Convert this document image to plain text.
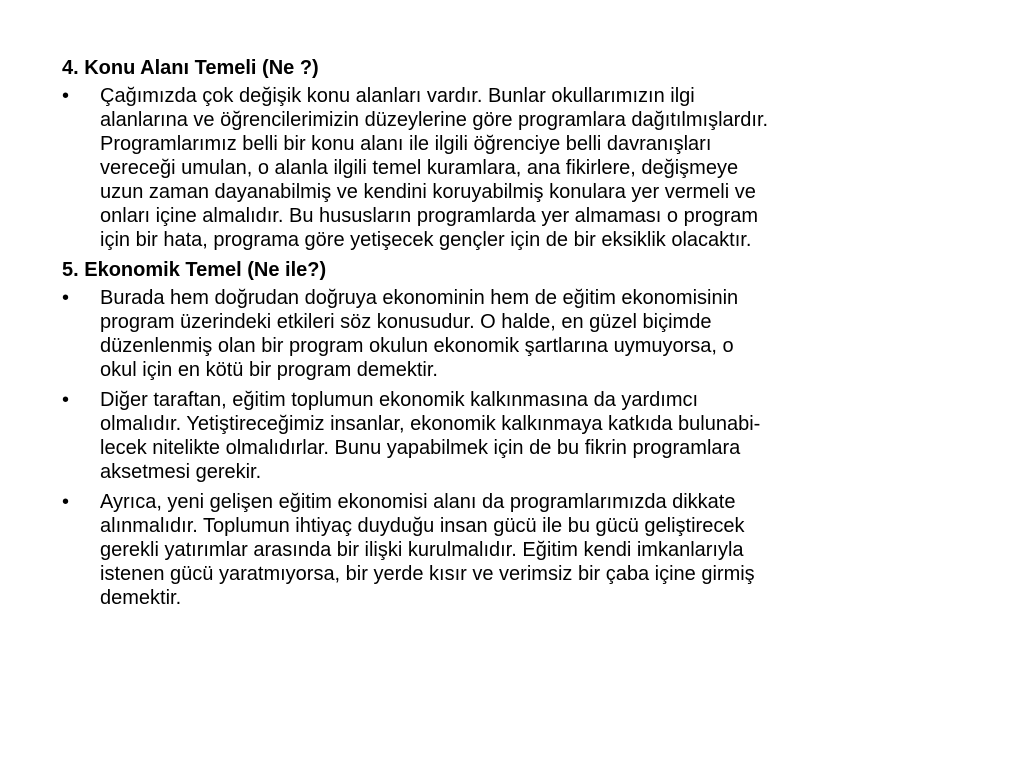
4. Konu Alanı Temeli (Ne ?)
•	Çağımızda çok değişik konu alanları vardır. Bunlar okullarımızın ilgi
alanlarına ve öğrencilerimizin düzeylerine göre programlara dağıtılmışlardır.
Programlarımız belli bir konu alanı ile ilgili öğrenciye belli davranışları
vereceği umulan, o alanla ilgili temel kuramlara, ana fikirlere, değişmeye
uzun zaman dayanabilmiş ve kendini koruyabilmiş konulara yer vermeli ve
onları içine almalıdır. Bu hususların programlarda yer almaması o program
için bir hata, programa göre yetişecek gençler için de bir eksiklik olacaktır.
5. Ekonomik Temel (Ne ile?)
•	Burada hem doğrudan doğruya ekonominin hem de eğitim ekonomisinin
program üzerindeki etkileri söz konusudur. O halde, en güzel biçimde
düzenlenmiş olan bir program okulun ekonomik şartlarına uymuyorsa, o
okul için en kötü bir program demektir.
•	Diğer taraftan, eğitim toplumun ekonomik kalkınmasına da yardımcı
olmalıdır. Yetiştireceğimiz insanlar, ekonomik kalkınmaya katkıda bulunabi-
lecek nitelikte olmalıdırlar. Bunu yapabilmek için de bu fikrin programlara
aksetmesi gerekir.
•	Ayrıca, yeni gelişen eğitim ekonomisi alanı da programlarımızda dikkate
alınmalıdır. Toplumun ihtiyaç duyduğu insan gücü ile bu gücü geliştirecek
gerekli yatırımlar arasında bir ilişki kurulmalıdır. Eğitim kendi imkanlarıyla
istenen gücü yaratmıyorsa, bir yerde kısır ve verimsiz bir çaba içine girmiş
demektir.
